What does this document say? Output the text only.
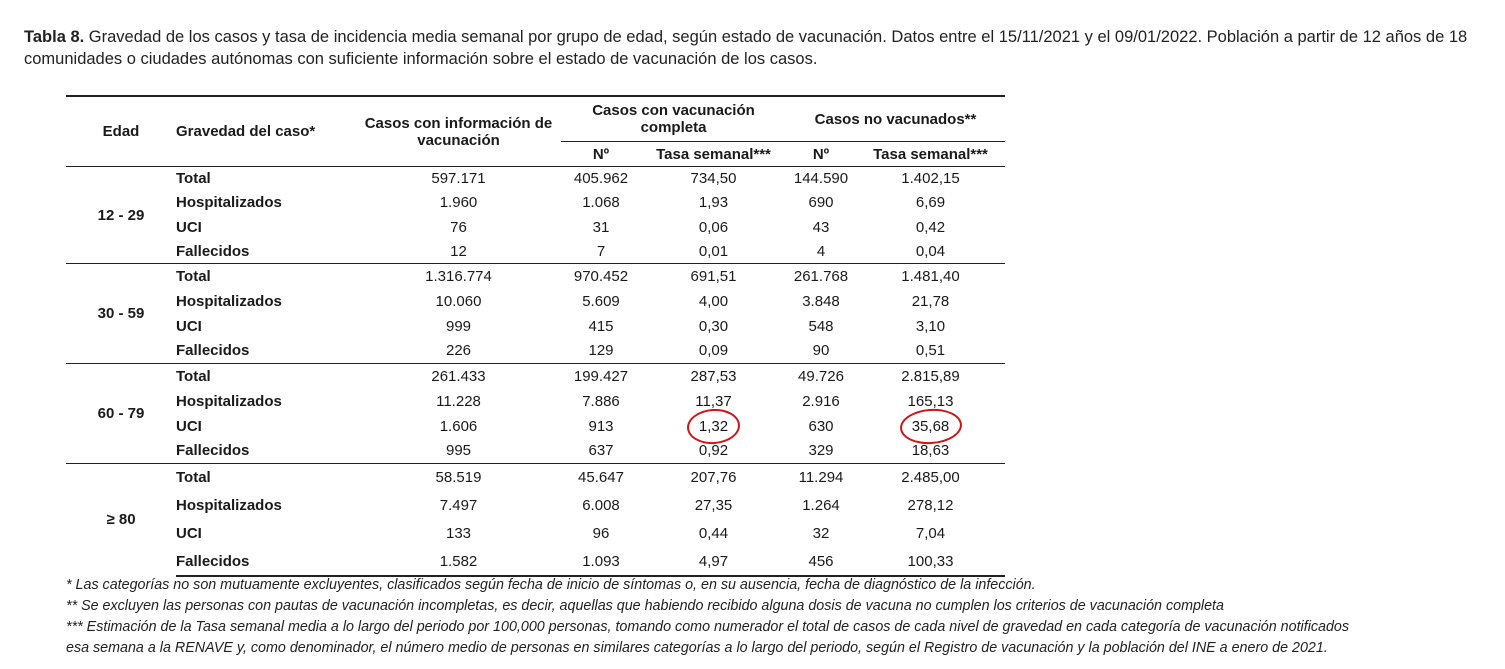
Tabla 8. Gravedad de los casos y tasa de incidencia media semanal por grupo de edad, según estado de vacunación. Datos entre el 15/11/2021 y el 09/01/2022. Población a partir de 12 años de 18 comunidades o ciudades autónomas con suficiente información sobre el estado de vacunación de los casos.
Edad	Gravedad del caso*	Casos con información de vacunación	Casos con vacunación completa		Casos no vacunados**	
			Nº	Tasa semanal***	Nº	Tasa semanal***
12 - 29	Total	597.171	405.962	734,50	144.590	1.402,15
	Hospitalizados	1.960	1.068	1,93	690	6,69
	UCI	76	31	0,06	43	0,42
	Fallecidos	12	7	0,01	4	0,04
30 - 59	Total	1.316.774	970.452	691,51	261.768	1.481,40
	Hospitalizados	10.060	5.609	4,00	3.848	21,78
	UCI	999	415	0,30	548	3,10
	Fallecidos	226	129	0,09	90	0,51
60 - 79	Total	261.433	199.427	287,53	49.726	2.815,89
	Hospitalizados	11.228	7.886	11,37	2.916	165,13
	UCI	1.606	913	1,32	630	35,68
	Fallecidos	995	637	0,92	329	18,63
≥ 80	Total	58.519	45.647	207,76	11.294	2.485,00
	Hospitalizados	7.497	6.008	27,35	1.264	278,12
	UCI	133	96	0,44	32	7,04
	Fallecidos	1.582	1.093	4,97	456	100,33
* Las categorías no son mutuamente excluyentes, clasificados según fecha de inicio de síntomas o, en su ausencia, fecha de diagnóstico de la infección.
** Se excluyen las personas con pautas de vacunación incompletas, es decir, aquellas que habiendo recibido alguna dosis de vacuna no cumplen los criterios de vacunación completa
*** Estimación de la Tasa semanal media a lo largo del periodo por 100,000 personas, tomando como numerador el total de casos de cada nivel de gravedad en cada categoría de vacunación notificados
esa semana a la RENAVE y, como denominador, el número medio de personas en similares categorías a lo largo del periodo, según el Registro de vacunación y la población del INE a enero de 2021.
